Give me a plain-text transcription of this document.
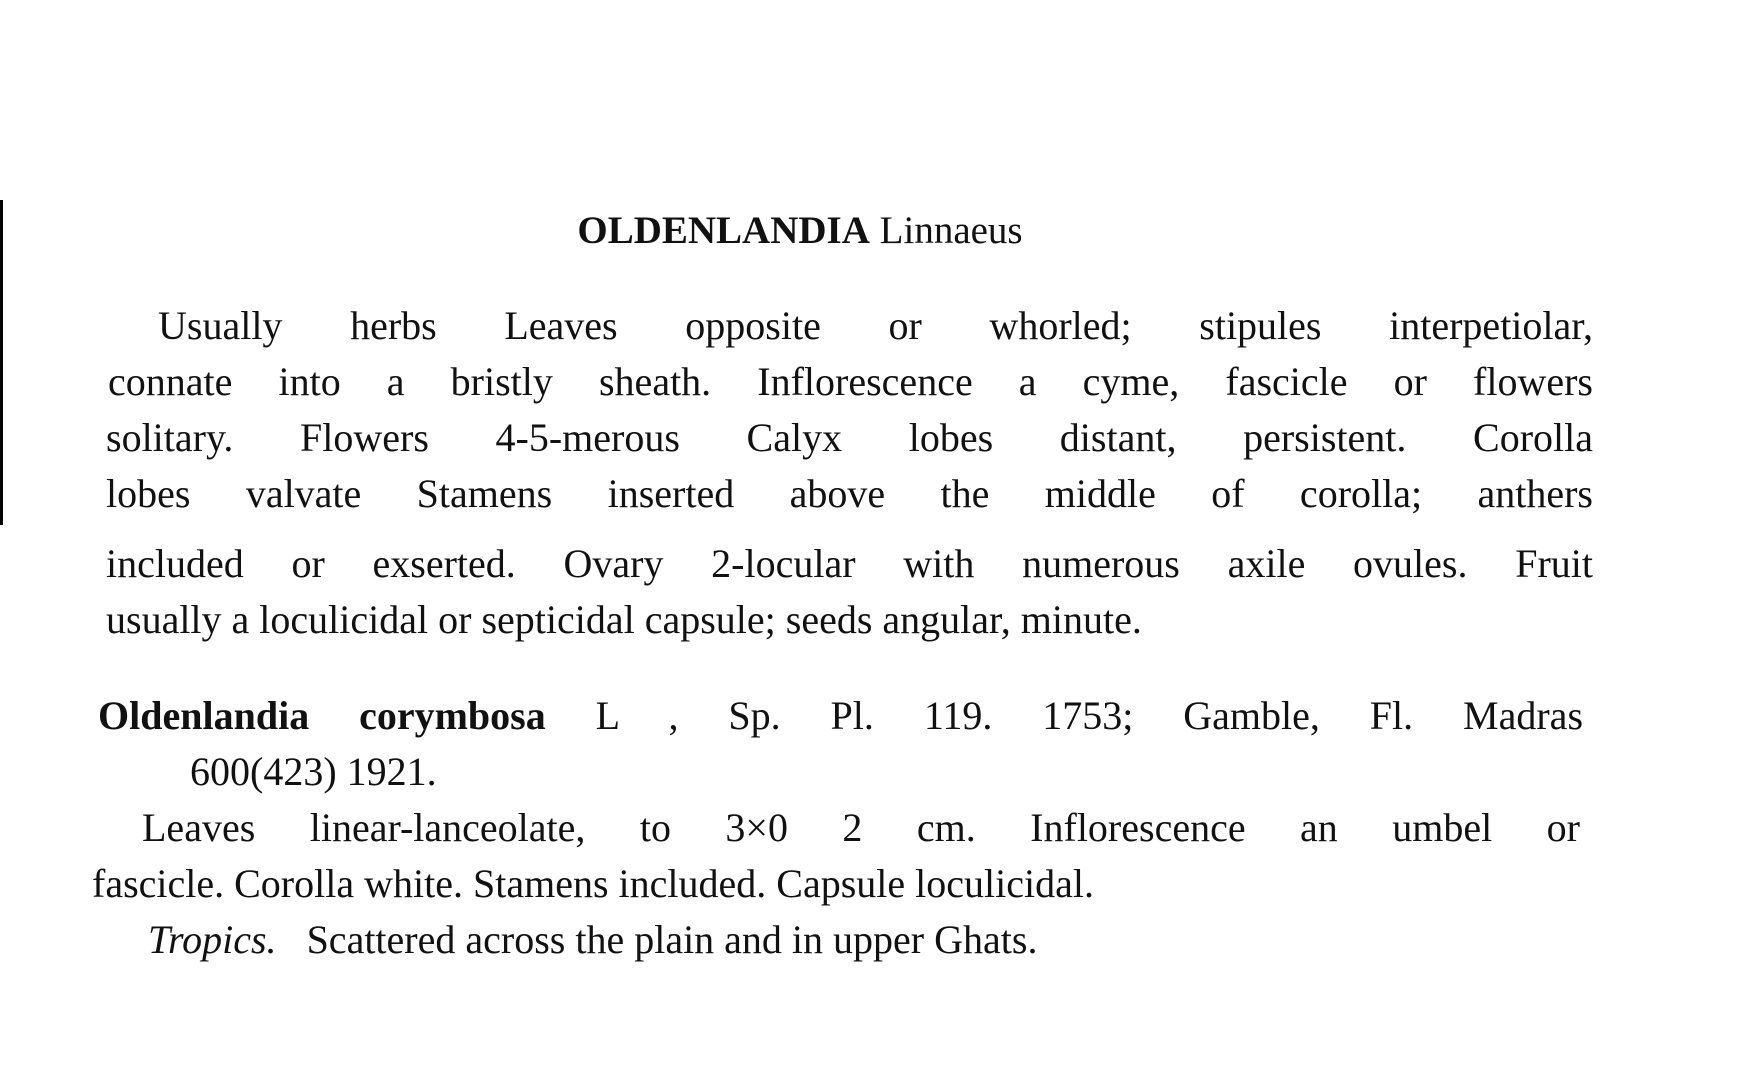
OLDENLANDIA Linnaeus
Usually herbs Leaves opposite or whorled; stipules interpetiolar,
connate into a bristly sheath. Inflorescence a cyme, fascicle or flowers
solitary. Flowers 4-5-merous Calyx lobes distant, persistent. Corolla
lobes valvate Stamens inserted above the middle of corolla; anthers
included or exserted. Ovary 2-locular with numerous axile ovules. Fruit
usually a loculicidal or septicidal capsule; seeds angular, minute.
Oldenlandia corymbosa L , Sp. Pl. 119. 1753; Gamble, Fl. Madras
600(423) 1921.
Leaves linear-lanceolate, to 3×0 2 cm. Inflorescence an umbel or
fascicle. Corolla white. Stamens included. Capsule loculicidal.
Tropics. Scattered across the plain and in upper Ghats.
